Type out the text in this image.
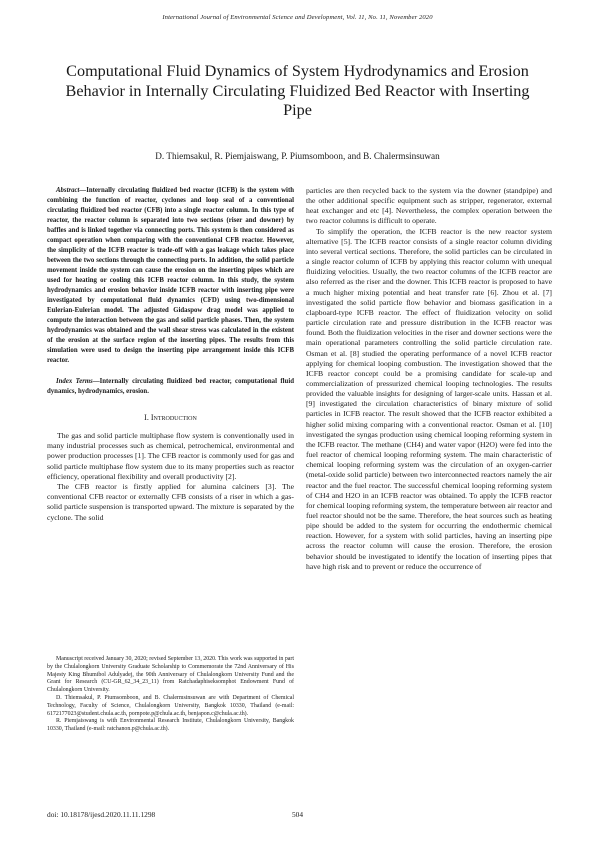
International Journal of Environmental Science and Development, Vol. 11, No. 11, November 2020
Computational Fluid Dynamics of System Hydrodynamics and Erosion Behavior in Internally Circulating Fluidized Bed Reactor with Inserting Pipe
D. Thiemsakul, R. Piemjaiswang, P. Piumsomboon, and B. Chalermsinsuwan

Abstract—Internally circulating fluidized bed reactor (ICFB) is the system with combining the function of reactor, cyclones and loop seal of a conventional circulating fluidized bed reactor (CFB) into a single reactor column. In this type of reactor, the reactor column is separated into two sections (riser and downer) by baffles and is linked together via connecting ports. This system is then considered as compact operation when comparing with the conventional CFB reactor. However, the simplicity of the ICFB reactor is trade-off with a gas leakage which takes place between the two sections through the connecting ports. In addition, the solid particle movement inside the system can cause the erosion on the inserting pipes which are used for heating or cooling this ICFB reactor column. In this study, the system hydrodynamics and erosion behavior inside ICFB reactor with inserting pipe were investigated by computational fluid dynamics (CFD) using two-dimensional Eulerian-Eulerian model. The adjusted Gidaspow drag model was applied to compute the interaction between the gas and solid particle phases. Then, the system hydrodynamics was obtained and the wall shear stress was calculated in the existent of the erosion at the surface region of the inserting pipes. The results from this simulation were used to design the inserting pipe arrangement inside this ICFB reactor.

Index Terms—Internally circulating fluidized bed reactor, computational fluid dynamics, hydrodynamics, erosion.

I. Introduction

The gas and solid particle multiphase flow system is conventionally used in many industrial processes such as chemical, petrochemical, environmental and power production processes [1]. The CFB reactor is commonly used for gas and solid particle multiphase flow system due to its many properties such as reactor efficiency, operational flexibility and overall productivity [2].

The CFB reactor is firstly applied for alumina calciners [3]. The conventional CFB reactor or externally CFB consists of a riser in which a gas-solid particle suspension is transported upward. The mixture is separated by the cyclone. The solid

Manuscript received January 30, 2020; revised September 13, 2020. This work was supported in part by the Chulalongkorn University Graduate Scholarship to Commemorate the 72nd Anniversary of His Majesty King Bhumibol Adulyadej, the 90th Anniversary of Chulalongkorn University Fund and the Grant for Research (CU-GR_62_34_23_11) from Ratchadaphiseksomphot Endowment Fund of Chulalongkorn University.

D. Thiemsakul, P. Piumsomboon, and B. Chalermsinsuwan are with Department of Chemical Technology, Faculty of Science, Chulalongkorn University, Bangkok 10330, Thailand (e-mail: 6172177023@student.chula.ac.th, pornpote.p@chula.ac.th, benjapon.c@chula.ac.th).

R. Piemjaiswang is with Environmental Research Institute, Chulalongkorn University, Bangkok 10330, Thailand (e-mail: ratchanon.p@chula.ac.th).

particles are then recycled back to the system via the downer (standpipe) and the other additional specific equipment such as stripper, regenerator, external heat exchanger and etc [4]. Nevertheless, the complex operation between the two reactor columns is difficult to operate.

To simplify the operation, the ICFB reactor is the new reactor system alternative [5]. The ICFB reactor consists of a single reactor column dividing into several vertical sections. Therefore, the solid particles can be circulated in a single reactor column of ICFB by applying this reactor column with unequal fluidizing velocities. Usually, the two reactor columns of the ICFB reactor are also referred as the riser and the downer. This ICFB reactor is proposed to have a much higher mixing potential and heat transfer rate [6]. Zhou et al. [7] investigated the solid particle flow behavior and biomass gasification in a clapboard-type ICFB reactor. The effect of fluidization velocity on solid particle circulation rate and pressure distribution in the ICFB reactor was found. Both the fluidization velocities in the riser and downer sections were the main operational parameters controlling the solid particle circulation rate. Osman et al. [8] studied the operating performance of a novel ICFB reactor applying for chemical looping combustion. The investigation showed that the ICFB reactor concept could be a promising candidate for scale-up and commercialization of pressurized chemical looping technologies. The results provided the valuable insights for designing of larger-scale units. Hassan et al. [9] investigated the circulation characteristics of binary mixture of solid particles in ICFB reactor. The result showed that the ICFB reactor exhibited a higher solid mixing comparing with a conventional reactor. Osman et al. [10] investigated the syngas production using chemical looping reforming system in the ICFB reactor. The methane (CH4) and water vapor (H2O) were fed into the fuel reactor of chemical looping reforming system. The main characteristic of chemical looping reforming system was the circulation of an oxygen-carrier (metal-oxide solid particle) between two interconnected reactors namely the air reactor and the fuel reactor. The successful chemical looping reforming system of CH4 and H2O in an ICFB reactor was obtained. To apply the ICFB reactor for chemical looping reforming system, the temperature between air reactor and fuel reactor should not be the same. Therefore, the heat sources such as heating pipe should be added to the system for occurring the endothermic chemical reaction. However, for a system with solid particles, having an inserting pipe across the reactor column will cause the erosion. Therefore, the erosion behavior should be investigated to identify the location of inserting pipes that have high risk and to prevent or reduce the occurrence of

doi: 10.18178/ijesd.2020.11.11.1298	504
